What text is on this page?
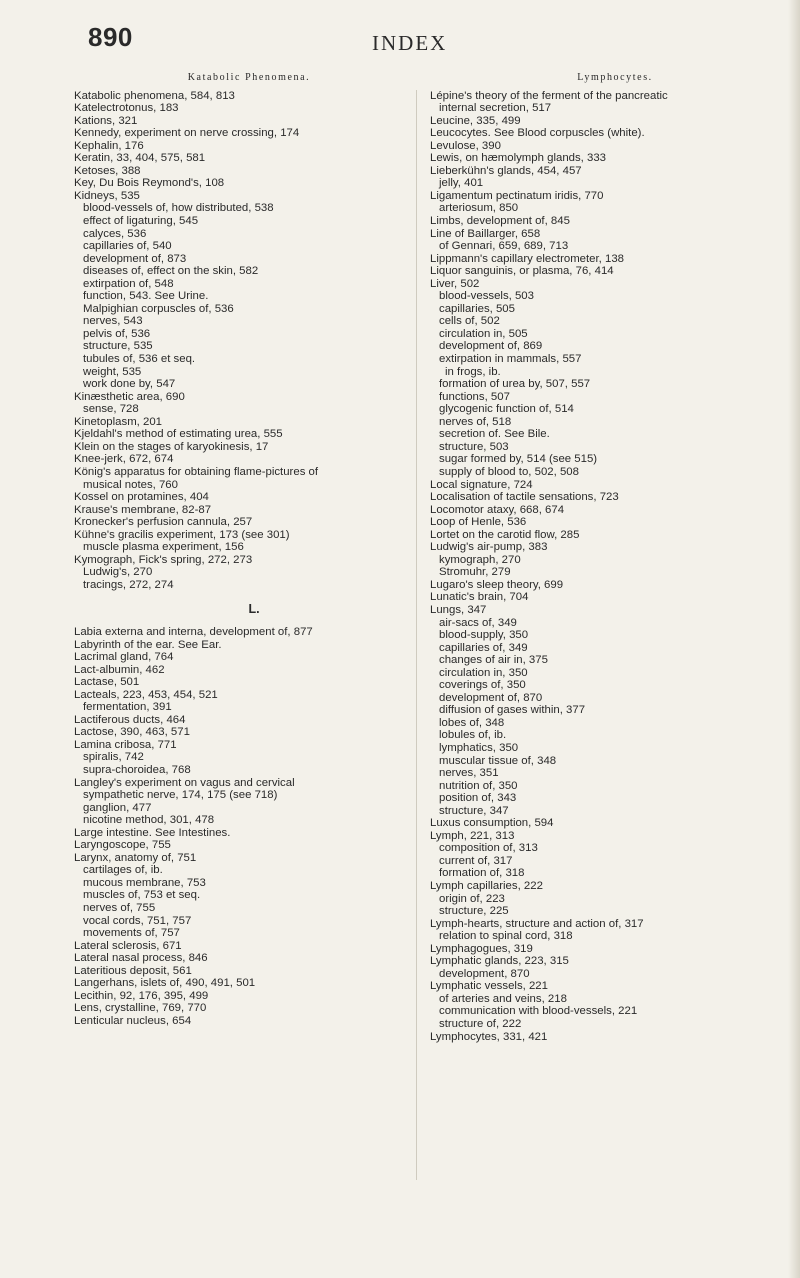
890	INDEX
Katabolic Phenomena.
Katabolic phenomena, 584, 813
Katelectrotonus, 183
Kations, 321
Kennedy, experiment on nerve crossing, 174
Kephalin, 176
Keratin, 33, 404, 575, 581
Ketoses, 388
Key, Du Bois Reymond's, 108
Kidneys, 535
blood-vessels of, how distributed, 538
effect of ligaturing, 545
calyces, 536
capillaries of, 540
development of, 873
diseases of, effect on the skin, 582
extirpation of, 548
function, 543. See Urine.
Malpighian corpuscles of, 536
nerves, 543
pelvis of, 536
structure, 535
tubules of, 536 et seq.
weight, 535
work done by, 547
Kinæsthetic area, 690
sense, 728
Kinetoplasm, 201
Kjeldahl's method of estimating urea, 555
Klein on the stages of karyokinesis, 17
Knee-jerk, 672, 674
König's apparatus for obtaining flame-pictures of
musical notes, 760
Kossel on protamines, 404
Krause's membrane, 82-87
Kronecker's perfusion cannula, 257
Kühne's gracilis experiment, 173 (see 301)
muscle plasma experiment, 156
Kymograph, Fick's spring, 272, 273
Ludwig's, 270
tracings, 272, 274
L.
Labia externa and interna, development of, 877
Labyrinth of the ear. See Ear.
Lacrimal gland, 764
Lact-albumin, 462
Lactase, 501
Lacteals, 223, 453, 454, 521
fermentation, 391
Lactiferous ducts, 464
Lactose, 390, 463, 571
Lamina cribosa, 771
spiralis, 742
supra-choroidea, 768
Langley's experiment on vagus and cervical
sympathetic nerve, 174, 175 (see 718)
ganglion, 477
nicotine method, 301, 478
Large intestine. See Intestines.
Laryngoscope, 755
Larynx, anatomy of, 751
cartilages of, ib.
mucous membrane, 753
muscles of, 753 et seq.
nerves of, 755
vocal cords, 751, 757
movements of, 757
Lateral sclerosis, 671
Lateral nasal process, 846
Lateritious deposit, 561
Langerhans, islets of, 490, 491, 501
Lecithin, 92, 176, 395, 499
Lens, crystalline, 769, 770
Lenticular nucleus, 654
Lymphocytes.
Lépine's theory of the ferment of the pancreatic
internal secretion, 517
Leucine, 335, 499
Leucocytes. See Blood corpuscles (white).
Levulose, 390
Lewis, on hæmolymph glands, 333
Lieberkühn's glands, 454, 457
jelly, 401
Ligamentum pectinatum iridis, 770
arteriosum, 850
Limbs, development of, 845
Line of Baillarger, 658
of Gennari, 659, 689, 713
Lippmann's capillary electrometer, 138
Liquor sanguinis, or plasma, 76, 414
Liver, 502
blood-vessels, 503
capillaries, 505
cells of, 502
circulation in, 505
development of, 869
extirpation in mammals, 557
in frogs, ib.
formation of urea by, 507, 557
functions, 507
glycogenic function of, 514
nerves of, 518
secretion of. See Bile.
structure, 503
sugar formed by, 514 (see 515)
supply of blood to, 502, 508
Local signature, 724
Localisation of tactile sensations, 723
Locomotor ataxy, 668, 674
Loop of Henle, 536
Lortet on the carotid flow, 285
Ludwig's air-pump, 383
kymograph, 270
Stromuhr, 279
Lugaro's sleep theory, 699
Lunatic's brain, 704
Lungs, 347
air-sacs of, 349
blood-supply, 350
capillaries of, 349
changes of air in, 375
circulation in, 350
coverings of, 350
development of, 870
diffusion of gases within, 377
lobes of, 348
lobules of, ib.
lymphatics, 350
muscular tissue of, 348
nerves, 351
nutrition of, 350
position of, 343
structure, 347
Luxus consumption, 594
Lymph, 221, 313
composition of, 313
current of, 317
formation of, 318
Lymph capillaries, 222
origin of, 223
structure, 225
Lymph-hearts, structure and action of, 317
relation to spinal cord, 318
Lymphagogues, 319
Lymphatic glands, 223, 315
development, 870
Lymphatic vessels, 221
of arteries and veins, 218
communication with blood-vessels, 221
structure of, 222
Lymphocytes, 331, 421
